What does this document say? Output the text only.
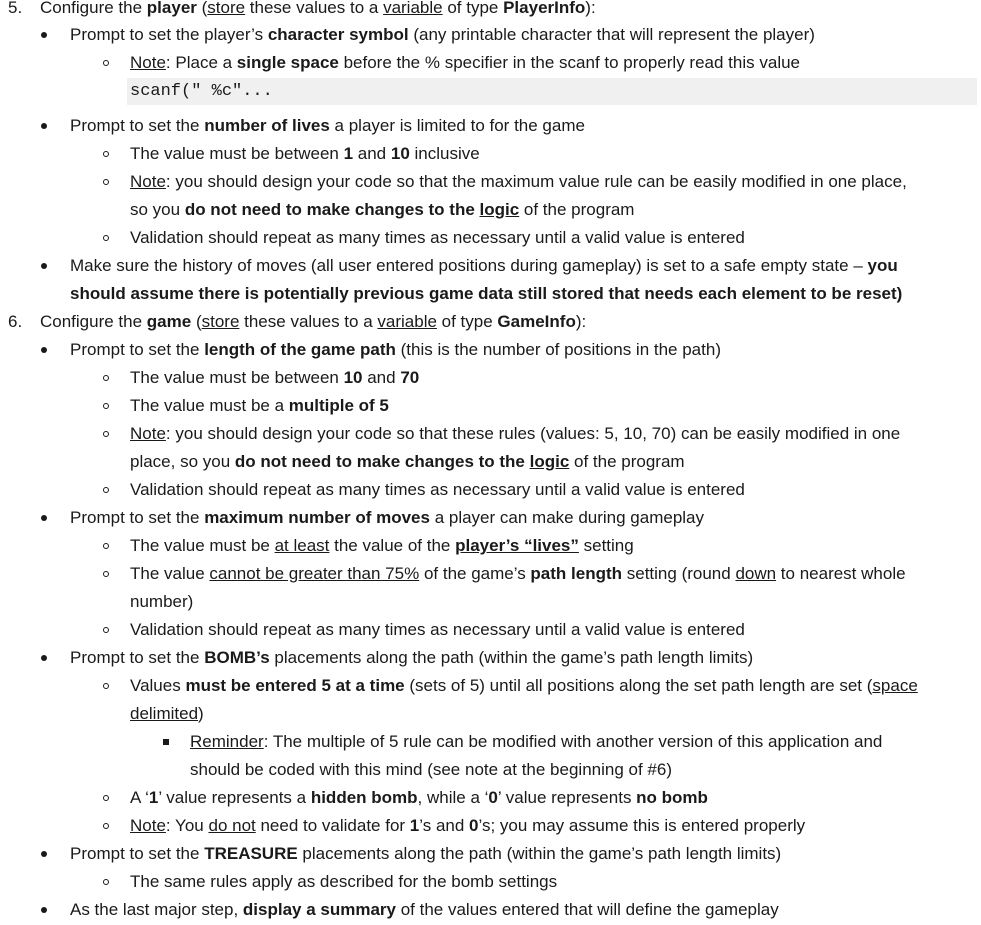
5. Configure the player (store these values to a variable of type PlayerInfo):
Prompt to set the player’s character symbol (any printable character that will represent the player)
Note: Place a single space before the % specifier in the scanf to properly read this value
scanf(" %c"...
Prompt to set the number of lives a player is limited to for the game
The value must be between 1 and 10 inclusive
Note: you should design your code so that the maximum value rule can be easily modified in one place,
so you do not need to make changes to the logic of the program
Validation should repeat as many times as necessary until a valid value is entered
Make sure the history of moves (all user entered positions during gameplay) is set to a safe empty state – you
should assume there is potentially previous game data still stored that needs each element to be reset)
6. Configure the game (store these values to a variable of type GameInfo):
Prompt to set the length of the game path (this is the number of positions in the path)
The value must be between 10 and 70
The value must be a multiple of 5
Note: you should design your code so that these rules (values: 5, 10, 70) can be easily modified in one
place, so you do not need to make changes to the logic of the program
Validation should repeat as many times as necessary until a valid value is entered
Prompt to set the maximum number of moves a player can make during gameplay
The value must be at least the value of the player’s “lives” setting
The value cannot be greater than 75% of the game’s path length setting (round down to nearest whole
number)
Validation should repeat as many times as necessary until a valid value is entered
Prompt to set the BOMB’s placements along the path (within the game’s path length limits)
Values must be entered 5 at a time (sets of 5) until all positions along the set path length are set (space
delimited)
Reminder: The multiple of 5 rule can be modified with another version of this application and
should be coded with this mind (see note at the beginning of #6)
A ‘1’ value represents a hidden bomb, while a ‘0’ value represents no bomb
Note: You do not need to validate for 1’s and 0’s; you may assume this is entered properly
Prompt to set the TREASURE placements along the path (within the game’s path length limits)
The same rules apply as described for the bomb settings
As the last major step, display a summary of the values entered that will define the gameplay
